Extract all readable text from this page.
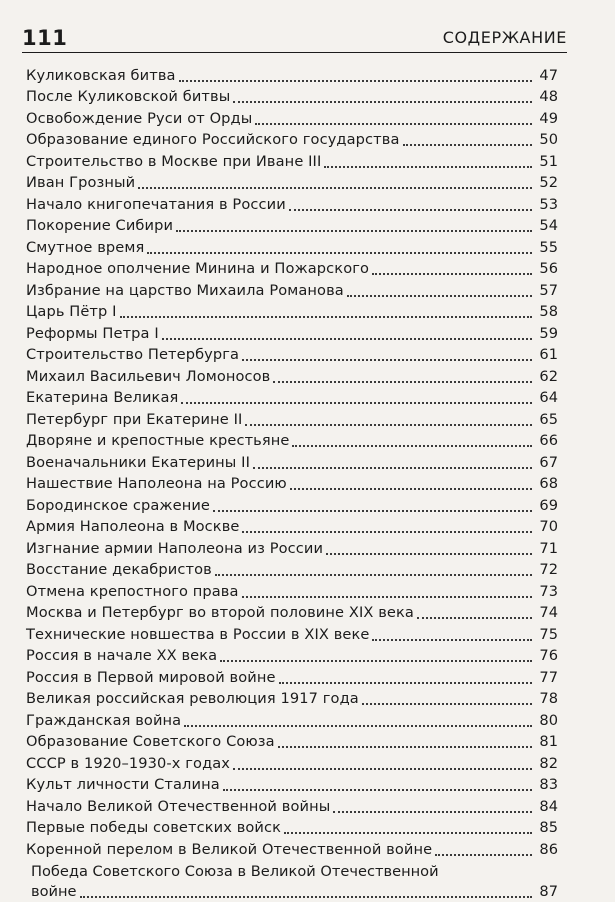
111	СОДЕРЖАНИЕ
Куликовская битва	47
После Куликовской битвы	48
Освобождение Руси от Орды	49
Образование единого Российского государства	50
Строительство в Москве при Иване III	51
Иван Грозный	52
Начало книгопечатания в России	53
Покорение Сибири	54
Смутное время	55
Народное ополчение Минина и Пожарского	56
Избрание на царство Михаила Романова	57
Царь Пётр I	58
Реформы Петра I	59
Строительство Петербурга	61
Михаил Васильевич Ломоносов	62
Екатерина Великая	64
Петербург при Екатерине II	65
Дворяне и крепостные крестьяне	66
Военачальники Екатерины II	67
Нашествие Наполеона на Россию	68
Бородинское сражение	69
Армия Наполеона в Москве	70
Изгнание армии Наполеона из России	71
Восстание декабристов	72
Отмена крепостного права	73
Москва и Петербург во второй половине XIX века	74
Технические новшества в России в XIX веке	75
Россия в начале XX века	76
Россия в Первой мировой войне	77
Великая российская революция 1917 года	78
Гражданская война	80
Образование Советского Союза	81
СССР в 1920–1930-х годах	82
Культ личности Сталина	83
Начало Великой Отечественной войны	84
Первые победы советских войск	85
Коренной перелом в Великой Отечественной войне	86
Победа Советского Союза в Великой Отечественной
войне	87
